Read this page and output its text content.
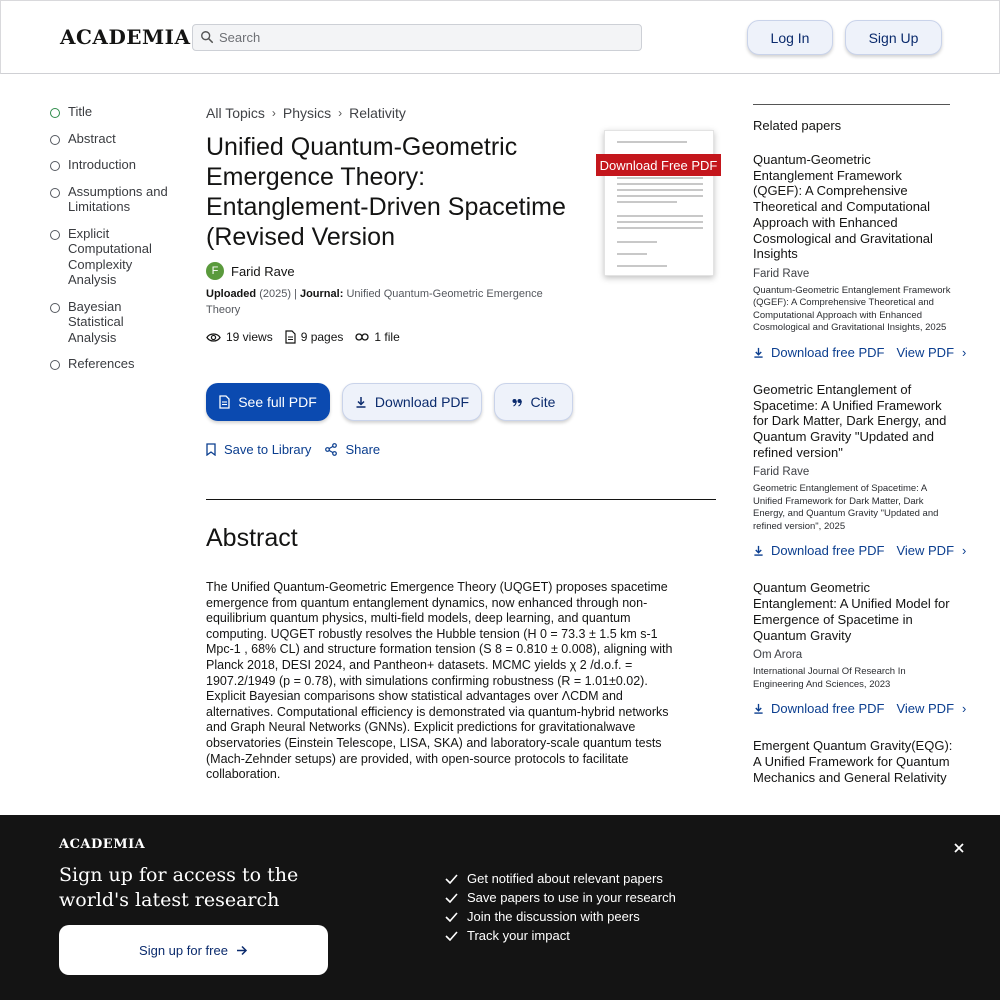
ACADEMIA
Search	Log In	Sign Up
Title
Abstract
Introduction
Assumptions and Limitations
Explicit Computational Complexity Analysis
Bayesian Statistical Analysis
References
All Topics › Physics › Relativity
Unified Quantum-Geometric Emergence Theory: Entanglement-Driven Spacetime (Revised Version
Download Free PDF
F Farid Rave
Uploaded (2025) | Journal: Unified Quantum-Geometric Emergence Theory
19 views 9 pages	1 file
See full PDF	Download PDF	Cite
Save to Library	Share
Abstract

The Unified Quantum-Geometric Emergence Theory (UQGET) proposes spacetime emergence from quantum entanglement dynamics, now enhanced through non-equilibrium quantum physics, multi-field models, deep learning, and quantum computing. UQGET robustly resolves the Hubble tension (H 0 = 73.3 ± 1.5 km s-1 Mpc-1 , 68% CL) and structure formation tension (S 8 = 0.810 ± 0.008), aligning with Planck 2018, DESI 2024, and Pantheon+ datasets. MCMC yields χ 2 /d.o.f. = 1907.2/1949 (p = 0.78), with simulations confirming robustness (R = 1.01±0.02). Explicit Bayesian comparisons show statistical advantages over ΛCDM and alternatives. Computational efficiency is demonstrated via quantum-hybrid networks and Graph Neural Networks (GNNs). Explicit predictions for gravitationalwave observatories (Einstein Telescope, LISA, SKA) and laboratory-scale quantum tests (Mach-Zehnder setups) are provided, with open-source protocols to facilitate collaboration.

Related papers
Quantum-Geometric Entanglement Framework (QGEF): A Comprehensive Theoretical and Computational Approach with Enhanced Cosmological and Gravitational Insights
Farid Rave
Quantum-Geometric Entanglement Framework (QGEF): A Comprehensive Theoretical and Computational Approach with Enhanced Cosmological and Gravitational Insights, 2025
Download free PDF View PDF ›
Geometric Entanglement of Spacetime: A Unified Framework for Dark Matter, Dark Energy, and Quantum Gravity "Updated and refined version"
Farid Rave
Geometric Entanglement of Spacetime: A Unified Framework for Dark Matter, Dark Energy, and Quantum Gravity "Updated and refined version", 2025
Download free PDF View PDF ›
Quantum Geometric Entanglement: A Unified Model for Emergence of Spacetime in Quantum Gravity
Om Arora
International Journal Of Research In Engineering And Sciences, 2023
Download free PDF View PDF ›
Emergent Quantum Gravity(EQG): A Unified Framework for Quantum Mechanics and General Relativity
ACADEMIA
Sign up for access to the world's latest research
Sign up for free
Get notified about relevant papers
Save papers to use in your research
Join the discussion with peers
Track your impact
